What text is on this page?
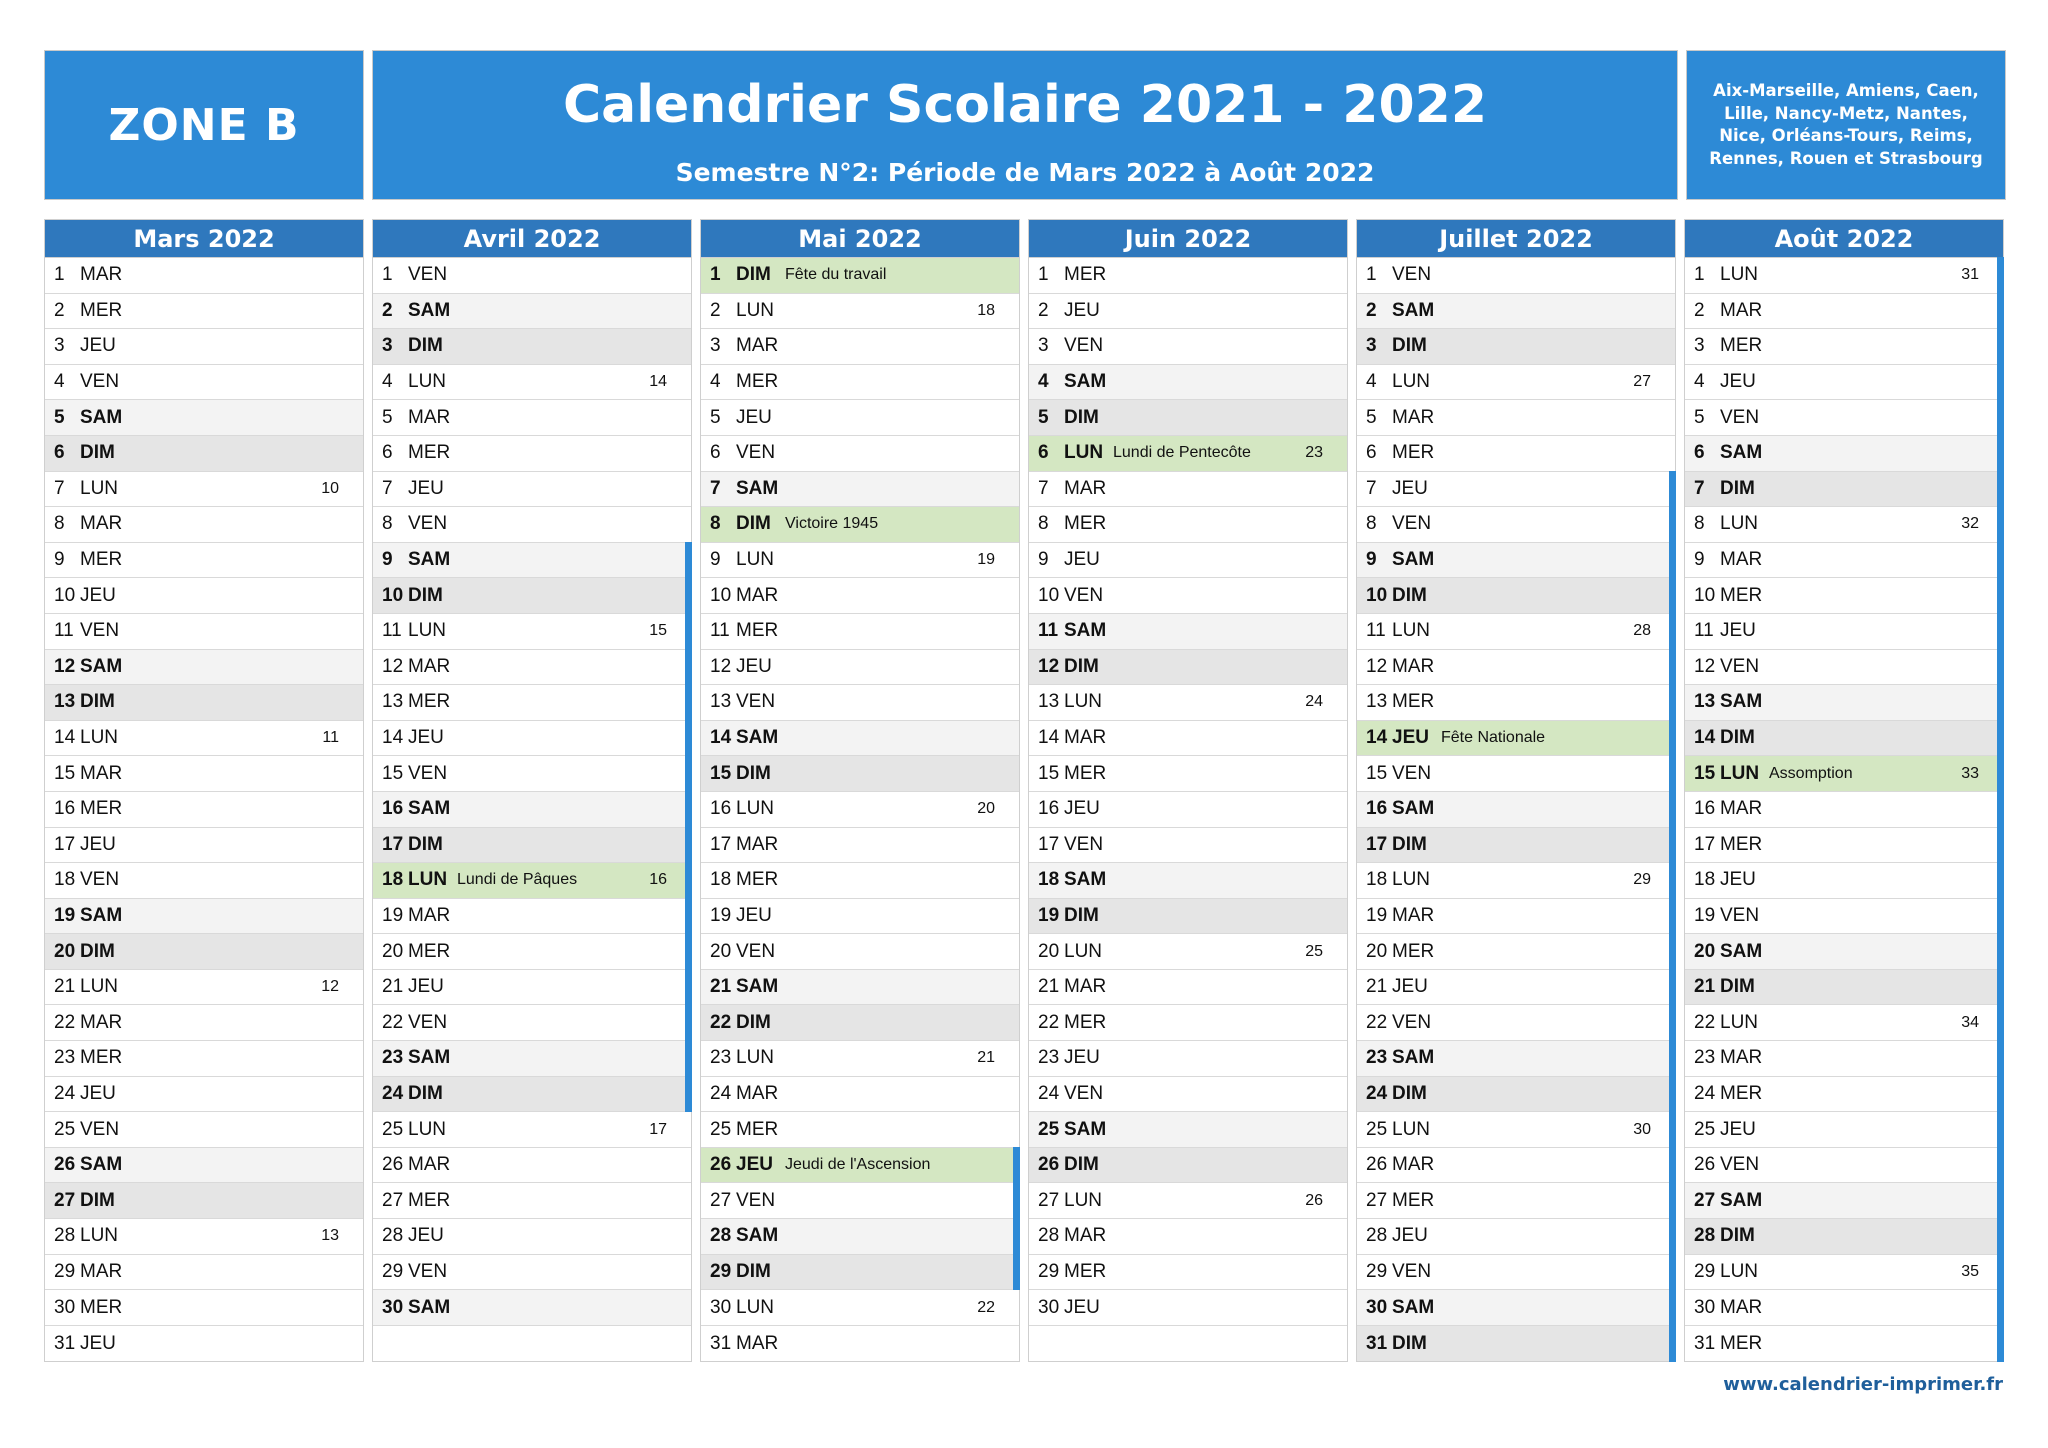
ZONE B	Calendrier Scolaire 2021 - 2022
Semestre N°2: Période de Mars 2022 à Août 2022
Aix-Marseille, Amiens, Caen, Lille, Nancy-Metz, Nantes, Nice, Orléans-Tours, Reims, Rennes, Rouen et Strasbourg
Mars 2022
1 MAR
2 MER
3 JEU
4 VEN
5 SAM
6 DIM
7 LUN	10
8 MAR
9 MER
10 JEU
11 VEN
12 SAM
13 DIM
14 LUN	11
15 MAR
16 MER
17 JEU
18 VEN
19 SAM
20 DIM
21 LUN	12
22 MAR
23 MER
24 JEU
25 VEN
26 SAM
27 DIM
28 LUN	13
29 MAR
30 MER
31 JEU
Avril 2022
1 VEN
2 SAM
3 DIM
4 LUN	14
5 MAR
6 MER
7 JEU
8 VEN
9 SAM
10 DIM
11 LUN	15
12 MAR
13 MER
14 JEU
15 VEN
16 SAM
17 DIM
18 LUN Lundi de Pâques	16
19 MAR
20 MER
21 JEU
22 VEN
23 SAM
24 DIM
25 LUN	17
26 MAR
27 MER
28 JEU
29 VEN
30 SAM
Mai 2022
1 DIM Fête du travail
2 LUN	18
3 MAR
4 MER
5 JEU
6 VEN
7 SAM
8 DIM Victoire 1945
9 LUN	19
10 MAR
11 MER
12 JEU
13 VEN
14 SAM
15 DIM
16 LUN	20
17 MAR
18 MER
19 JEU
20 VEN
21 SAM
22 DIM
23 LUN	21
24 MAR
25 MER
26 JEU Jeudi de l'Ascension
27 VEN
28 SAM
29 DIM
30 LUN	22
31 MAR
Juin 2022
1 MER
2 JEU
3 VEN
4 SAM
5 DIM
6 LUN Lundi de Pentecôte	23
7 MAR
8 MER
9 JEU
10 VEN
11 SAM
12 DIM
13 LUN	24
14 MAR
15 MER
16 JEU
17 VEN
18 SAM
19 DIM
20 LUN	25
21 MAR
22 MER
23 JEU
24 VEN
25 SAM
26 DIM
27 LUN	26
28 MAR
29 MER
30 JEU
Juillet 2022
1 VEN
2 SAM
3 DIM
4 LUN	27
5 MAR
6 MER
7 JEU
8 VEN
9 SAM
10 DIM
11 LUN	28
12 MAR
13 MER
14 JEU Fête Nationale
15 VEN
16 SAM
17 DIM
18 LUN	29
19 MAR
20 MER
21 JEU
22 VEN
23 SAM
24 DIM
25 LUN	30
26 MAR
27 MER
28 JEU
29 VEN
30 SAM
31 DIM
Août 2022
1 LUN	31
2 MAR
3 MER
4 JEU
5 VEN
6 SAM
7 DIM
8 LUN	32
9 MAR
10 MER
11 JEU
12 VEN
13 SAM
14 DIM
15 LUN Assomption	33
16 MAR
17 MER
18 JEU
19 VEN
20 SAM
21 DIM
22 LUN	34
23 MAR
24 MER
25 JEU
26 VEN
27 SAM
28 DIM
29 LUN	35
30 MAR
31 MER
www.calendrier-imprimer.fr
